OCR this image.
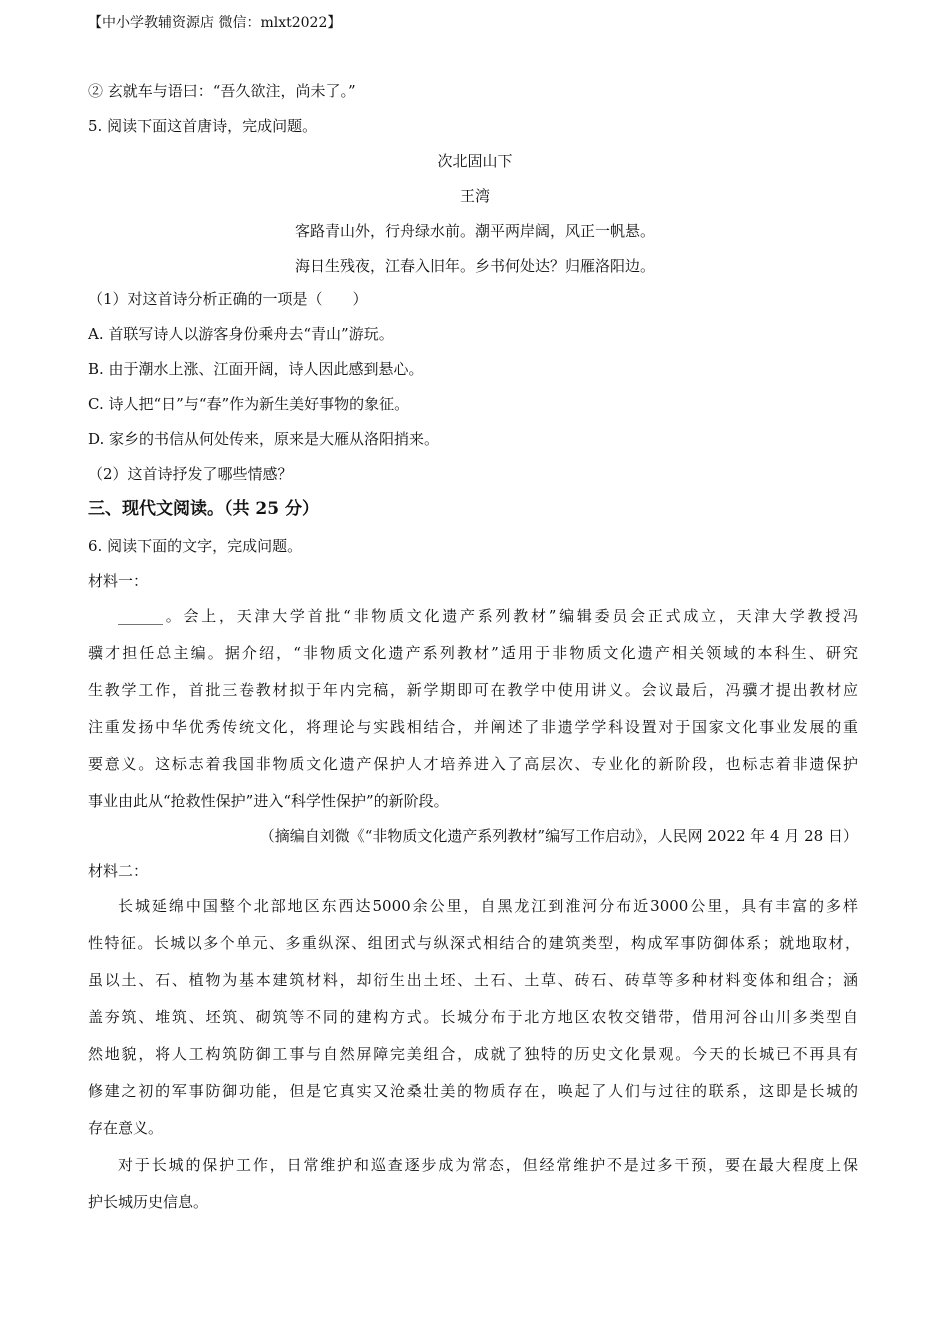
【中小学教辅资源店 微信：mlxt2022】
② 玄就车与语曰：“吾久欲注，尚未了。”
5. 阅读下面这首唐诗，完成问题。
次北固山下
王湾
客路青山外，行舟绿水前。潮平两岸阔，风正一帆悬。
海日生残夜，江春入旧年。乡书何处达？归雁洛阳边。
（1）对这首诗分析正确的一项是（　　）
A. 首联写诗人以游客身份乘舟去“青山”游玩。
B. 由于潮水上涨、江面开阔，诗人因此感到悬心。
C. 诗人把“日”与“春”作为新生美好事物的象征。
D. 家乡的书信从何处传来，原来是大雁从洛阳捎来。
（2）这首诗抒发了哪些情感？
三、现代文阅读。（共 25 分）
6. 阅读下面的文字，完成问题。
材料一：
______。会上，天津大学首批“非物质文化遗产系列教材”编辑委员会正式成立，天津大学教授冯
骥才担任总主编。据介绍，“非物质文化遗产系列教材”适用于非物质文化遗产相关领域的本科生、研究
生教学工作，首批三卷教材拟于年内完稿，新学期即可在教学中使用讲义。会议最后，冯骥才提出教材应
注重发扬中华优秀传统文化，将理论与实践相结合，并阐述了非遗学学科设置对于国家文化事业发展的重
要意义。这标志着我国非物质文化遗产保护人才培养进入了高层次、专业化的新阶段，也标志着非遗保护
事业由此从“抢救性保护”进入“科学性保护”的新阶段。
（摘编自刘微《“非物质文化遗产系列教材”编写工作启动》，人民网 2022 年 4 月 28 日）
材料二：
长城延绵中国整个北部地区东西达5000余公里，自黑龙江到淮河分布近3000公里，具有丰富的多样
性特征。长城以多个单元、多重纵深、组团式与纵深式相结合的建筑类型，构成军事防御体系；就地取材，
虽以土、石、植物为基本建筑材料，却衍生出土坯、土石、土草、砖石、砖草等多种材料变体和组合；涵
盖夯筑、堆筑、坯筑、砌筑等不同的建构方式。长城分布于北方地区农牧交错带，借用河谷山川多类型自
然地貌，将人工构筑防御工事与自然屏障完美组合，成就了独特的历史文化景观。今天的长城已不再具有
修建之初的军事防御功能，但是它真实又沧桑壮美的物质存在，唤起了人们与过往的联系，这即是长城的
存在意义。
对于长城的保护工作，日常维护和巡查逐步成为常态，但经常维护不是过多干预，要在最大程度上保
护长城历史信息。
